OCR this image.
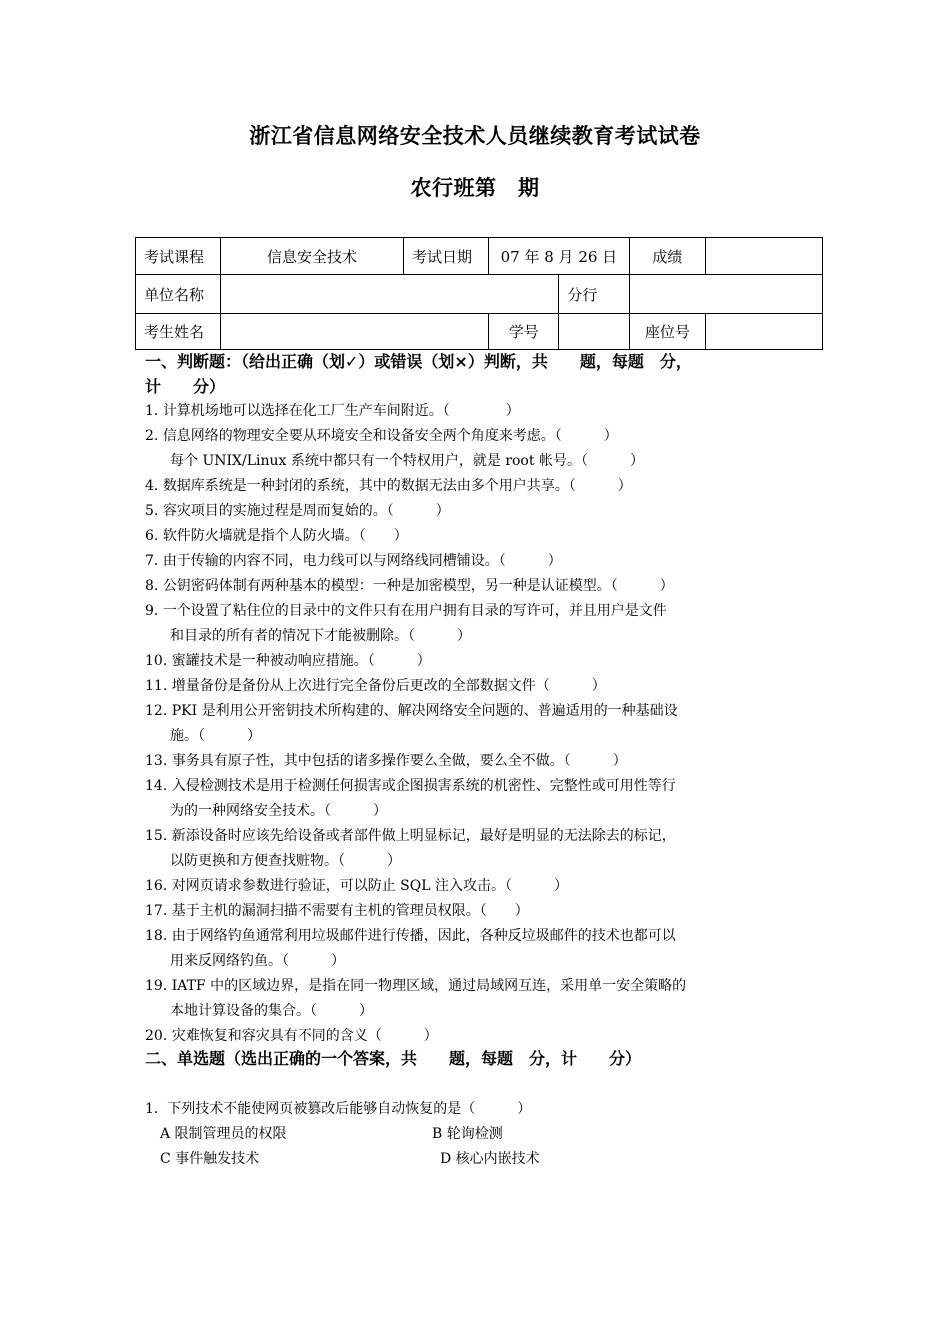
浙江省信息网络安全技术人员继续教育考试试卷
农行班第　期
考试课程	信息安全技术	考试日期	07 年 8 月 26 日		成绩	
单位名称				分行		
考生姓名			学号		座位号	
一、判断题：（给出正确（划✓）或错误（划×）判断，共　　题，每题　分，
计　　分）
1. 计算机场地可以选择在化工厂生产车间附近。（　　　　）
2. 信息网络的物理安全要从环境安全和设备安全两个角度来考虑。（　　　）
每个 UNIX/Linux 系统中都只有一个特权用户，就是 root 帐号。（　　　）
4. 数据库系统是一种封闭的系统，其中的数据无法由多个用户共享。（　　　）
5. 容灾项目的实施过程是周而复始的。（　　　）
6. 软件防火墙就是指个人防火墙。（　　）
7. 由于传输的内容不同，电力线可以与网络线同槽铺设。（　　　）
8. 公钥密码体制有两种基本的模型：一种是加密模型，另一种是认证模型。（　　　）
9. 一个设置了粘住位的目录中的文件只有在用户拥有目录的写许可，并且用户是文件
和目录的所有者的情况下才能被删除。（　　　）
10. 蜜罐技术是一种被动响应措施。（　　　）
11. 增量备份是备份从上次进行完全备份后更改的全部数据文件（　　　）
12. PKI 是利用公开密钥技术所构建的、解决网络安全问题的、普遍适用的一种基础设
施。（　　　）
13. 事务具有原子性，其中包括的诸多操作要么全做，要么全不做。（　　　）
14. 入侵检测技术是用于检测任何损害或企图损害系统的机密性、完整性或可用性等行
为的一种网络安全技术。（　　　）
15. 新添设备时应该先给设备或者部件做上明显标记，最好是明显的无法除去的标记，
以防更换和方便查找赃物。（　　　）
16. 对网页请求参数进行验证，可以防止 SQL 注入攻击。（　　　）
17. 基于主机的漏洞扫描不需要有主机的管理员权限。（　　）
18. 由于网络钓鱼通常利用垃圾邮件进行传播，因此，各种反垃圾邮件的技术也都可以
用来反网络钓鱼。（　　　）
19. IATF 中的区域边界，是指在同一物理区域，通过局域网互连，采用单一安全策略的
本地计算设备的集合。（　　　）
20. 灾难恢复和容灾具有不同的含义（　　　）
二、单选题（选出正确的一个答案，共　　题，每题　分，计　　分）
1. 下列技术不能使网页被篡改后能够自动恢复的是（　　　）
A 限制管理员的权限	B 轮询检测
C 事件触发技术	D 核心内嵌技术
